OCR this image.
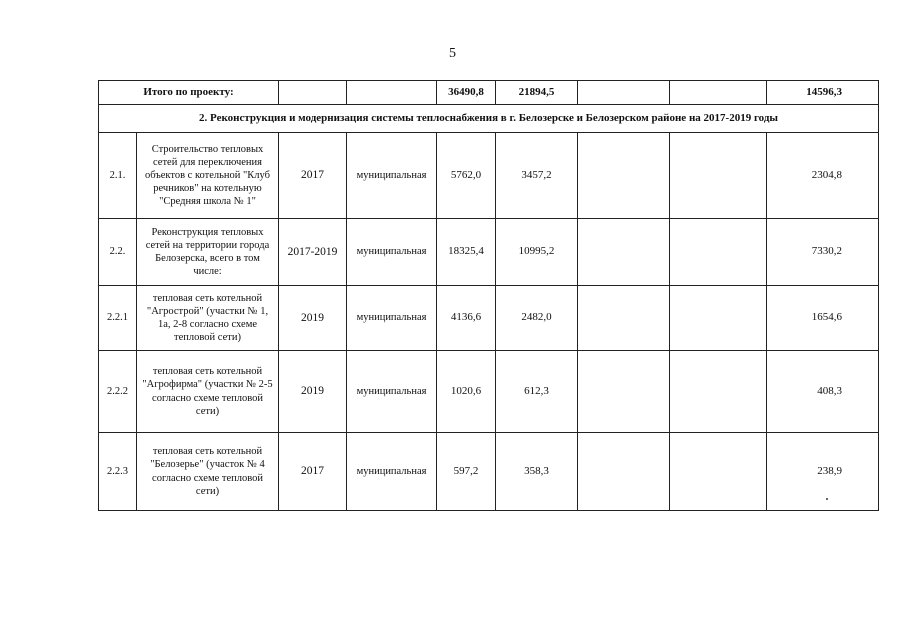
5
Итого по проекту:				36490,8	21894,5			14596,3
2. Реконструкция и модернизация системы теплоснабжения в г. Белозерске и Белозерском районе на 2017-2019 годы								
2.1.	Строительство тепловых сетей для переключения объектов с котельной "Клуб речников" на котельную "Средняя школа № 1"	2017	муниципальная	5762,0	3457,2			2304,8
2.2.	Реконструкция тепловых сетей на территории города Белозерска, всего в том числе:	2017-2019	муниципальная	18325,4	10995,2			7330,2
2.2.1	тепловая сеть котельной "Агрострой" (участки № 1, 1а, 2-8 согласно схеме тепловой сети)	2019	муниципальная	4136,6	2482,0			1654,6
2.2.2	тепловая сеть котельной "Агрофирма" (участки № 2-5 согласно схеме тепловой сети)	2019	муниципальная	1020,6	612,3			408,3
2.2.3	тепловая сеть котельной "Белозерье" (участок № 4 согласно схеме тепловой сети)	2017	муниципальная	597,2	358,3			238,9
